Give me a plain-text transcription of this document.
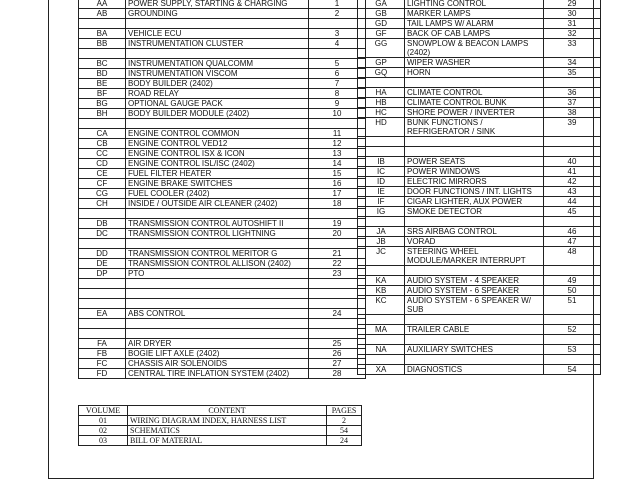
AA	POWER SUPPLY, STARTING & CHARGING	1
AB	GROUNDING	2

BA	VEHICLE ECU	3
BB	INSTRUMENTATION CLUSTER	4

BC	INSTRUMENTATION QUALCOMM	5
BD	INSTRUMENTATION VISCOM	6
BE	BODY BUILDER (2402)	7
BF	ROAD RELAY	8
BG	OPTIONAL GAUGE PACK	9
BH	BODY BUILDER MODULE (2402)	10

CA	ENGINE CONTROL COMMON	11
CB	ENGINE CONTROL VED12	12
CC	ENGINE CONTROL ISX & ICON	13
CD	ENGINE CONTROL ISL/ISC (2402)	14
CE	FUEL FILTER HEATER	15
CF	ENGINE BRAKE SWITCHES	16
CG	FUEL COOLER (2402)	17
CH	INSIDE / OUTSIDE AIR CLEANER (2402)	18

DB	TRANSMISSION CONTROL AUTOSHIFT II	19
DC	TRANSMISSION CONTROL LIGHTNING	20

DD	TRANSMISSION CONTROL MERITOR G	21
DE	TRANSMISSION CONTROL ALLISON (2402)	22
DP	PTO	23

EA	ABS CONTROL	24

FA	AIR DRYER	25
FB	BOGIE LIFT AXLE (2402)	26
FC	CHASSIS AIR SOLENOIDS	27
FD	CENTRAL TIRE INFLATION SYSTEM (2402)	28
GA	LIGHTING CONTROL	29
GB	MARKER LAMPS	30
GD	TAIL LAMPS W/ ALARM	31
GF	BACK OF CAB LAMPS	32
GG	SNOWPLOW & BEACON LAMPS (2402)	33
GP	WIPER WASHER	34
GQ	HORN	35

HA	CLIMATE CONTROL	36
HB	CLIMATE CONTROL BUNK	37
HC	SHORE POWER / INVERTER	38
HD	BUNK FUNCTIONS / REFRIGERATOR / SINK	39

IB	POWER SEATS	40
IC	POWER WINDOWS	41
ID	ELECTRIC MIRRORS	42
IE	DOOR FUNCTIONS / INT. LIGHTS	43
IF	CIGAR LIGHTER, AUX POWER	44
IG	SMOKE DETECTOR	45

JA	SRS AIRBAG CONTROL	46
JB	VORAD	47
JC	STEERING WHEEL MODULE/MARKER INTERRUPT	48

KA	AUDIO SYSTEM - 4 SPEAKER	49
KB	AUDIO SYSTEM - 6 SPEAKER	50
KC	AUDIO SYSTEM - 6 SPEAKER W/ SUB	51

MA	TRAILER CABLE	52

NA	AUXILIARY SWITCHES	53

XA	DIAGNOSTICS	54
VOLUME	CONTENT	PAGES
01	WIRING DIAGRAM INDEX, HARNESS LIST	2
02	SCHEMATICS	54
03	BILL OF MATERIAL	24
